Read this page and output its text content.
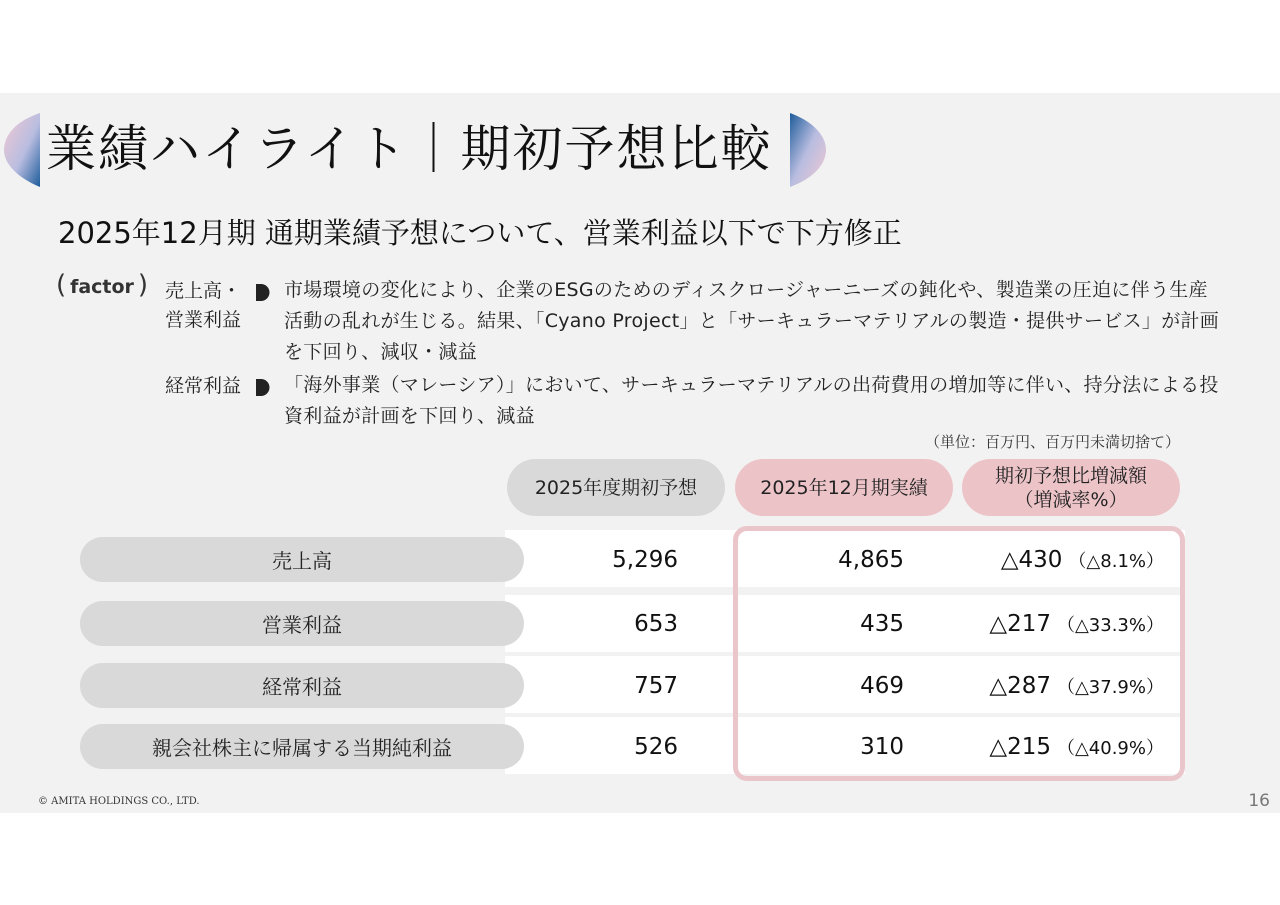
業績ハイライト｜期初予想比較
2025年12月期 通期業績予想について、営業利益以下で下方修正
( factor ) 売上高・
営業利益
市場環境の変化により、企業のESGのためのディスクロージャーニーズの鈍化や、製造業の圧迫に伴う生産活動の乱れが生じる。結果、「Cyano Project」と「サーキュラーマテリアルの製造・提供サービス」が計画を下回り、減収・減益
経常利益 「海外事業（マレーシア）」において、サーキュラーマテリアルの出荷費用の増加等に伴い、持分法による投資利益が計画を下回り、減益
（単位：百万円、百万円未満切捨て）
2025年度期初予想	2025年12月期実績
期初予想比増減額
（増減率%）
売上高	5,296	4,865	△430 （△8.1%）
営業利益	653	435	△217 （△33.3%）
経常利益	757	469	△287 （△37.9%）
親会社株主に帰属する当期純利益	526	310	△215 （△40.9%）
© AMITA HOLDINGS CO., LTD.	16
